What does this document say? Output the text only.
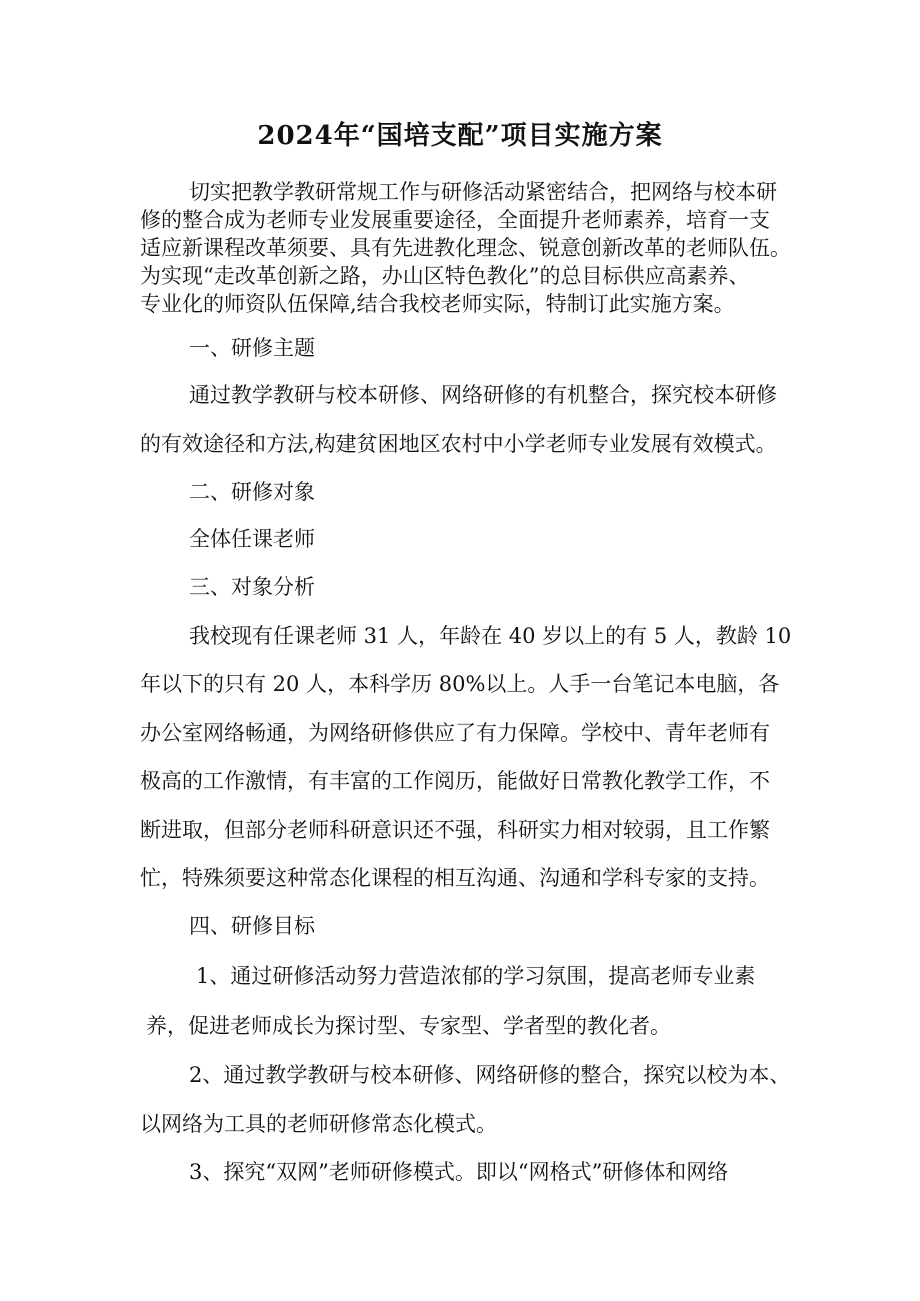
2024年“国培支配”项目实施方案
切实把教学教研常规工作与研修活动紧密结合，把网络与校本研
修的整合成为老师专业发展重要途径，全面提升老师素养，培育一支
适应新课程改革须要、具有先进教化理念、锐意创新改革的老师队伍。
为实现“走改革创新之路，办山区特色教化”的总目标供应高素养、
专业化的师资队伍保障,结合我校老师实际，特制订此实施方案。
一、研修主题
通过教学教研与校本研修、网络研修的有机整合，探究校本研修
的有效途径和方法,构建贫困地区农村中小学老师专业发展有效模式。
二、研修对象
全体任课老师
三、对象分析
我校现有任课老师 31 人，年龄在 40 岁以上的有 5 人，教龄 10
年以下的只有 20 人，本科学历 80%以上。人手一台笔记本电脑，各
办公室网络畅通，为网络研修供应了有力保障。学校中、青年老师有
极高的工作激情，有丰富的工作阅历，能做好日常教化教学工作，不
断进取，但部分老师科研意识还不强，科研实力相对较弱，且工作繁
忙，特殊须要这种常态化课程的相互沟通、沟通和学科专家的支持。
四、研修目标
1、通过研修活动努力营造浓郁的学习氛围，提高老师专业素
养，促进老师成长为探讨型、专家型、学者型的教化者。
2、通过教学教研与校本研修、网络研修的整合，探究以校为本、
以网络为工具的老师研修常态化模式。
3、探究“双网”老师研修模式。即以“网格式”研修体和网络
